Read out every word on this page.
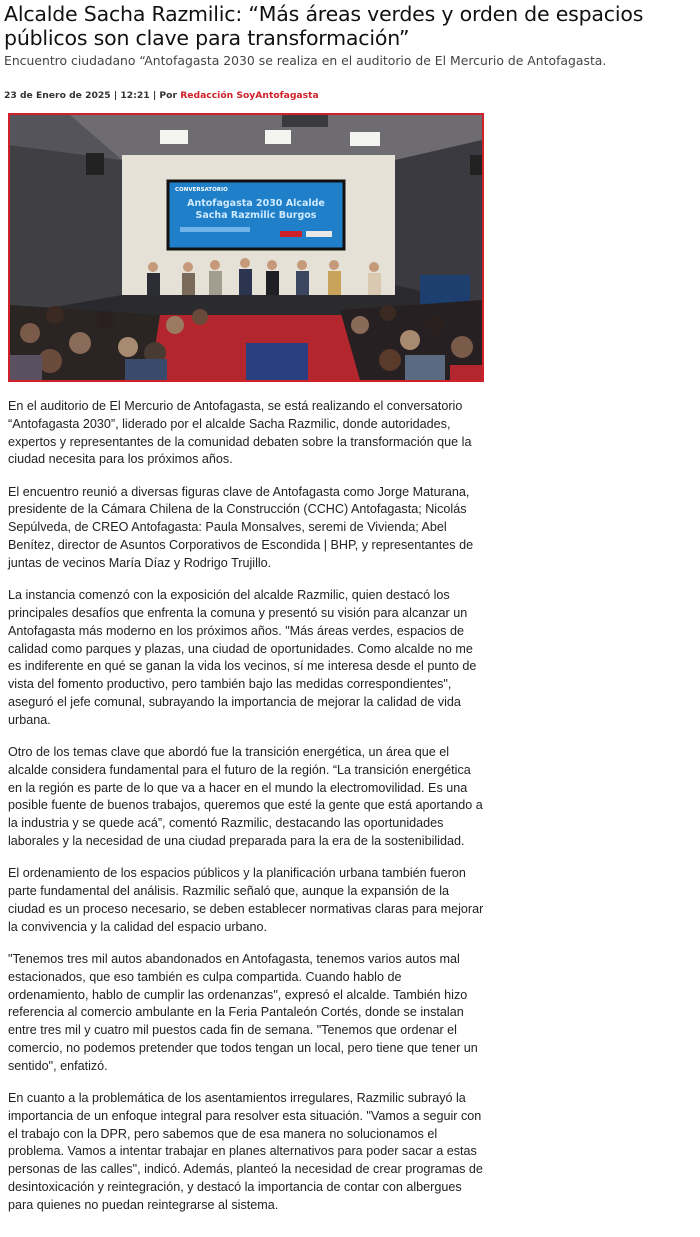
Alcalde Sacha Razmilic: “Más áreas verdes y orden de espacios públicos son clave para transformación”

Encuentro ciudadano “Antofagasta 2030 se realiza en el auditorio de El Mercurio de Antofagasta.

23 de Enero de 2025 | 12:21 | Por Redacción SoyAntofagasta
CONVERSATORIO
Antofagasta 2030 Alcalde
Sacha Razmilic Burgos

En el auditorio de El Mercurio de Antofagasta, se está realizando el conversatorio “Antofagasta 2030”, liderado por el alcalde Sacha Razmilic, donde autoridades, expertos y representantes de la comunidad debaten sobre la transformación que la ciudad necesita para los próximos años.

El encuentro reunió a diversas figuras clave de Antofagasta como Jorge Maturana, presidente de la Cámara Chilena de la Construcción (CCHC) Antofagasta; Nicolás Sepúlveda, de CREO Antofagasta: Paula Monsalves, seremi de Vivienda; Abel Benítez, director de Asuntos Corporativos de Escondida | BHP, y representantes de juntas de vecinos María Díaz y Rodrigo Trujillo.

La instancia comenzó con la exposición del alcalde Razmilic, quien destacó los principales desafíos que enfrenta la comuna y presentó su visión para alcanzar un Antofagasta más moderno en los próximos años. "Más áreas verdes, espacios de calidad como parques y plazas, una ciudad de oportunidades. Como alcalde no me es indiferente en qué se ganan la vida los vecinos, sí me interesa desde el punto de vista del fomento productivo, pero también bajo las medidas correspondientes", aseguró el jefe comunal, subrayando la importancia de mejorar la calidad de vida urbana.

Otro de los temas clave que abordó fue la transición energética, un área que el alcalde considera fundamental para el futuro de la región. “La transición energética en la región es parte de lo que va a hacer en el mundo la electromovilidad. Es una posible fuente de buenos trabajos, queremos que esté la gente que está aportando a la industria y se quede acá”, comentó Razmilic, destacando las oportunidades laborales y la necesidad de una ciudad preparada para la era de la sostenibilidad.

El ordenamiento de los espacios públicos y la planificación urbana también fueron parte fundamental del análisis. Razmilic señaló que, aunque la expansión de la ciudad es un proceso necesario, se deben establecer normativas claras para mejorar la convivencia y la calidad del espacio urbano.

"Tenemos tres mil autos abandonados en Antofagasta, tenemos varios autos mal estacionados, que eso también es culpa compartida. Cuando hablo de ordenamiento, hablo de cumplir las ordenanzas", expresó el alcalde. También hizo referencia al comercio ambulante en la Feria Pantaleón Cortés, donde se instalan entre tres mil y cuatro mil puestos cada fin de semana. "Tenemos que ordenar el comercio, no podemos pretender que todos tengan un local, pero tiene que tener un sentido", enfatizó.

En cuanto a la problemática de los asentamientos irregulares, Razmilic subrayó la importancia de un enfoque integral para resolver esta situación. "Vamos a seguir con el trabajo con la DPR, pero sabemos que de esa manera no solucionamos el problema. Vamos a intentar trabajar en planes alternativos para poder sacar a estas personas de las calles", indicó. Además, planteó la necesidad de crear programas de desintoxicación y reintegración, y destacó la importancia de contar con albergues para quienes no puedan reintegrarse al sistema.
